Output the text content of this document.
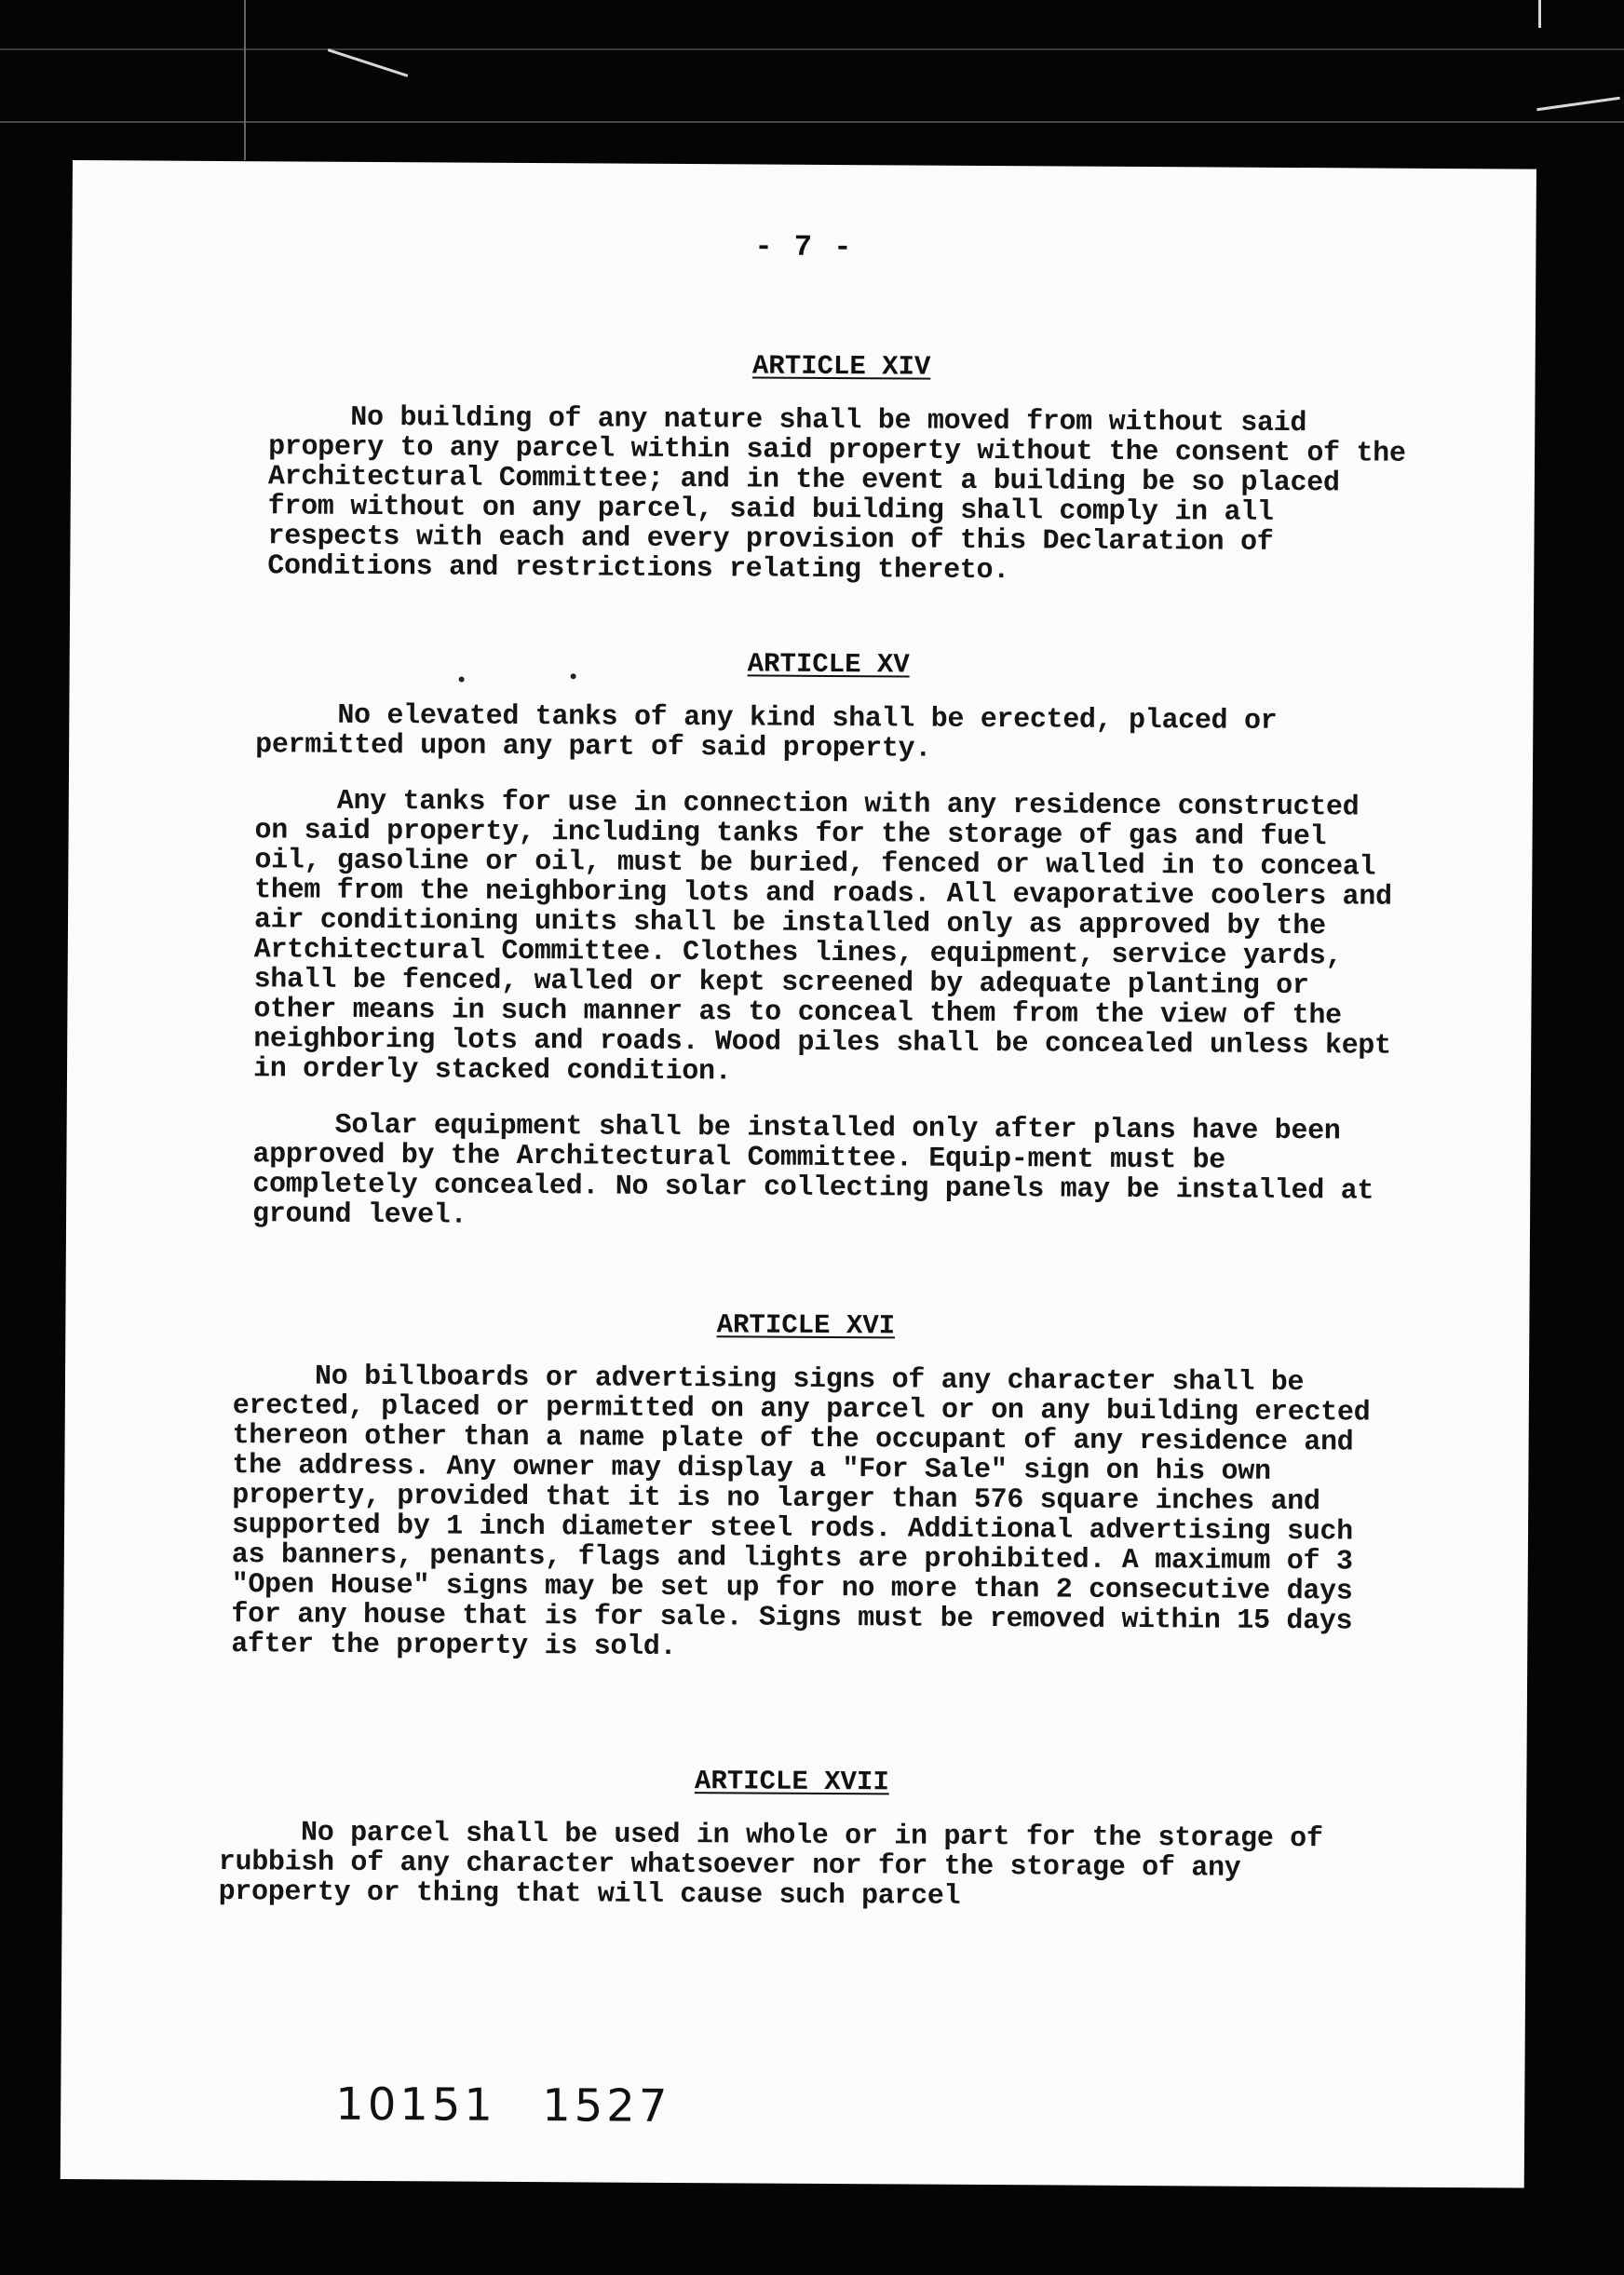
- 7 -
ARTICLE XIV

No building of any nature shall be moved from without said propery to any parcel within said property without the consent of the Architectural Committee; and in the event a building be so placed from without on any parcel, said building shall comply in all respects with each and every provision of this Declaration of Conditions and restrictions relating thereto.

ARTICLE XV

No elevated tanks of any kind shall be erected, placed or permitted upon any part of said property.

Any tanks for use in connection with any residence constructed on said property, including tanks for the storage of gas and fuel oil, gasoline or oil, must be buried, fenced or walled in to conceal them from the neighboring lots and roads. All evaporative coolers and air conditioning units shall be installed only as approved by the Artchitectural Committee. Clothes lines, equipment, service yards, shall be fenced, walled or kept screened by adequate planting or other means in such manner as to conceal them from the view of the neighboring lots and roads. Wood piles shall be concealed unless kept in orderly stacked condition.

Solar equipment shall be installed only after plans have been approved by the Architectural Committee. Equip-ment must be completely concealed. No solar collecting panels may be installed at ground level.

ARTICLE XVI

No billboards or advertising signs of any character shall be erected, placed or permitted on any parcel or on any building erected thereon other than a name plate of the occupant of any residence and the address. Any owner may display a "For Sale" sign on his own property, provided that it is no larger than 576 square inches and supported by 1 inch diameter steel rods. Additional advertising such as banners, penants, flags and lights are prohibited. A maximum of 3 "Open House" signs may be set up for no more than 2 consecutive days for any house that is for sale. Signs must be removed within 15 days after the property is sold.

ARTICLE XVII

No parcel shall be used in whole or in part for the storage of rubbish of any character whatsoever nor for the storage of any property or thing that will cause such parcel

10151 1527
